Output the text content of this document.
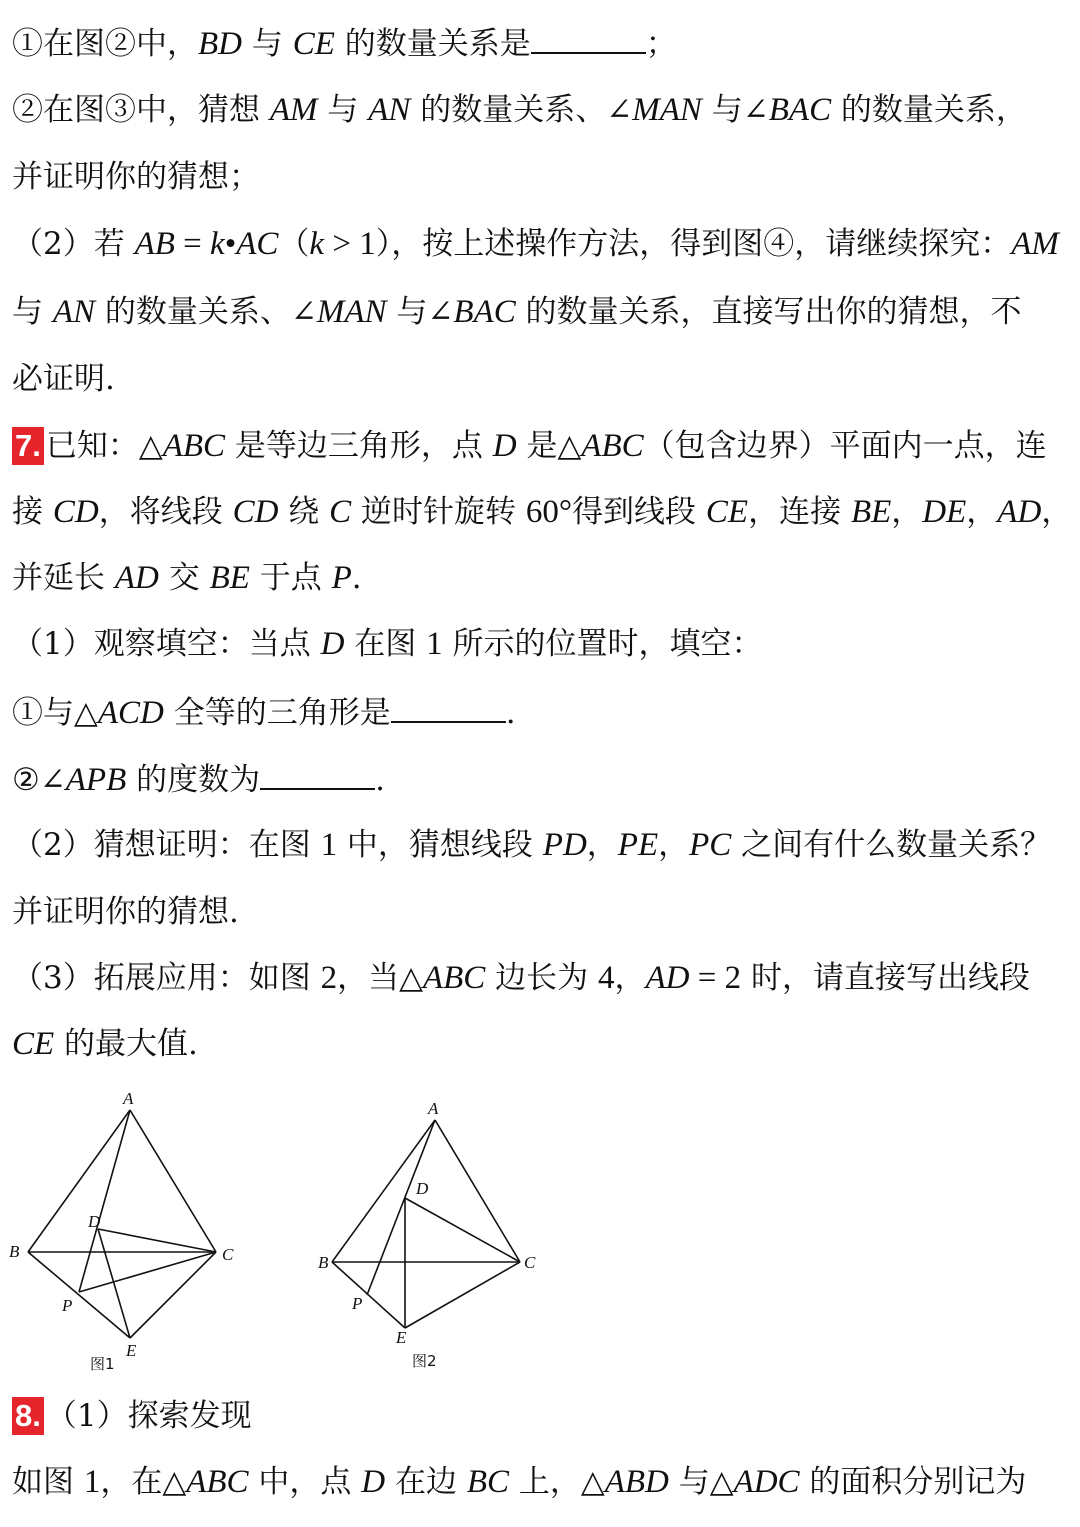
①在图②中，BD 与 CE 的数量关系是	；
②在图③中，猜想 AM 与 AN 的数量关系、∠MAN 与∠BAC 的数量关系，
并证明你的猜想；
（2）若 AB = k•AC（k > 1），按上述操作方法，得到图④，请继续探究：AM
与 AN 的数量关系、∠MAN 与∠BAC 的数量关系，直接写出你的猜想，不
必证明.
7. 已知：△ABC 是等边三角形，点 D 是△ABC（包含边界）平面内一点，连
接 CD，将线段 CD 绕 C 逆时针旋转 60°得到线段 CE，连接 BE，DE，AD，
并延长 AD 交 BE 于点 P.
（1）观察填空：当点 D 在图 1 所示的位置时，填空：
①与△ACD 全等的三角形是	.
②∠APB 的度数为	.
（2）猜想证明：在图 1 中，猜想线段 PD，PE，PC 之间有什么数量关系？
并证明你的猜想.
（3）拓展应用：如图 2，当△ABC 边长为 4，AD = 2 时，请直接写出线段
CE 的最大值.
A
B	C
D
E
P
图1
A
B	C
D
E
P
图2
8. （1）探索发现
如图 1，在△ABC 中，点 D 在边 BC 上，△ABD 与△ADC 的面积分别记为
